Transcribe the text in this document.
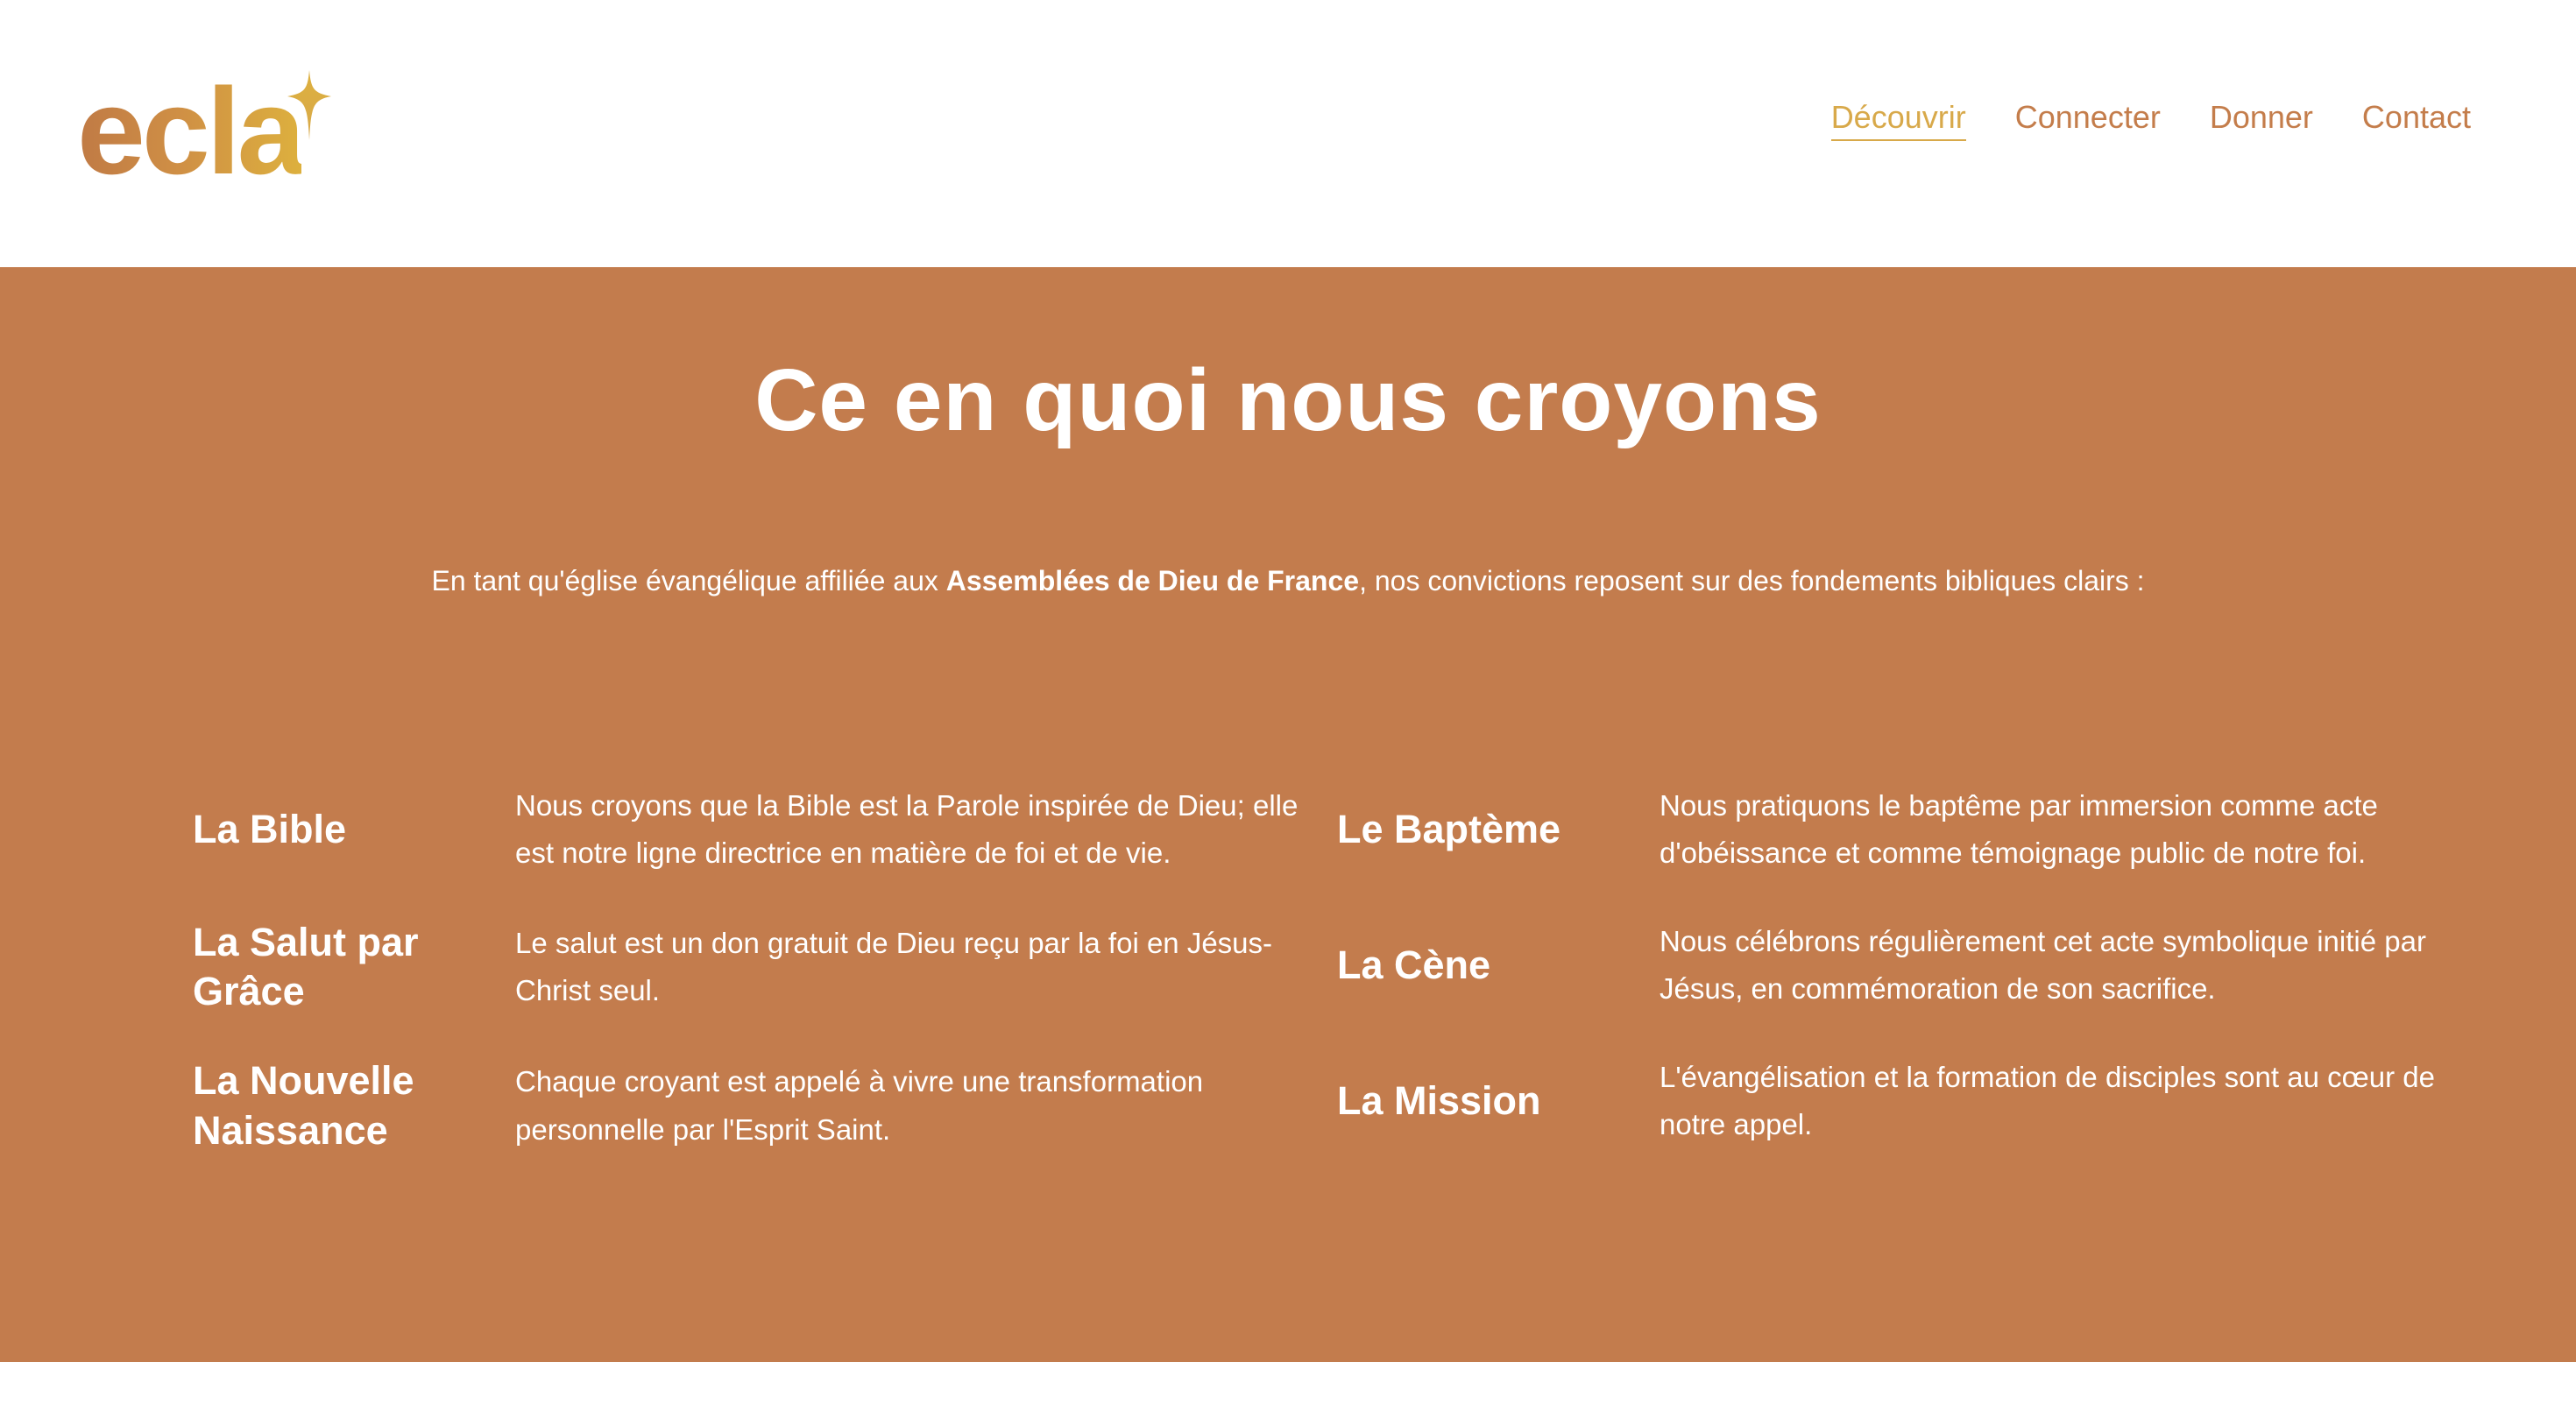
ecla	Découvrir Connecter Donner Contact
Ce en quoi nous croyons

En tant qu'église évangélique affiliée aux Assemblées de Dieu de France, nos convictions reposent sur des fondements bibliques clairs :

La Bible
Nous croyons que la Bible est la Parole inspirée de Dieu; elle est notre ligne directrice en matière de foi et de vie.
La Salut par Grâce
Le salut est un don gratuit de Dieu reçu par la foi en Jésus-Christ seul.
La Nouvelle Naissance
Chaque croyant est appelé à vivre une transformation personnelle par l'Esprit Saint.
Le Baptème
Nous pratiquons le baptême par immersion comme acte d'obéissance et comme témoignage public de notre foi.
La Cène
Nous célébrons régulièrement cet acte symbolique initié par Jésus, en commémoration de son sacrifice.
La Mission
L'évangélisation et la formation de disciples sont au cœur de notre appel.
